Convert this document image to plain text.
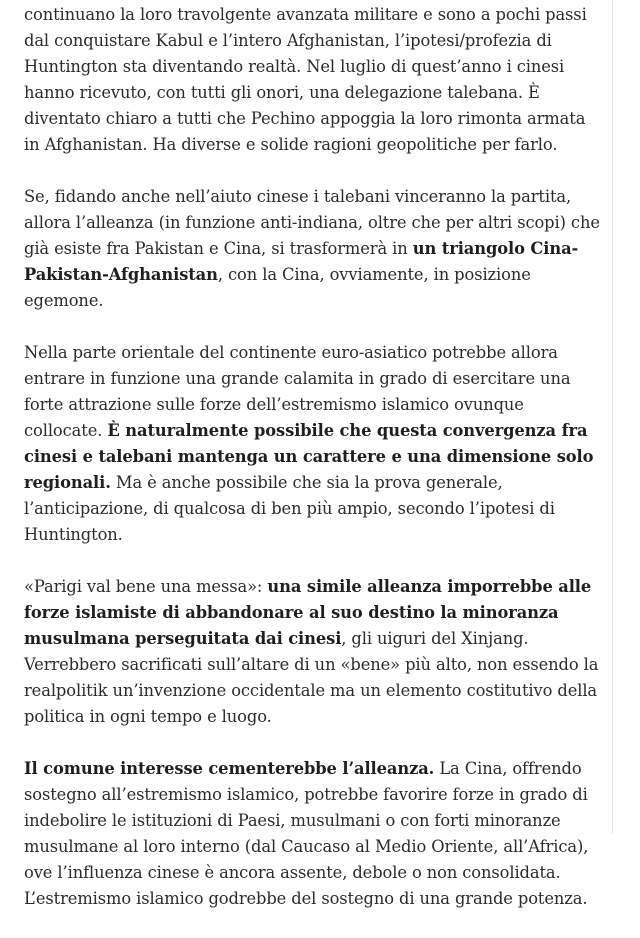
continuano la loro travolgente avanzata militare e sono a pochi passi dal conquistare Kabul e l’intero Afghanistan, l’ipotesi/profezia di Huntington sta diventando realtà. Nel luglio di quest’anno i cinesi hanno ricevuto, con tutti gli onori, una delegazione talebana. È diventato chiaro a tutti che Pechino appoggia la loro rimonta armata in Afghanistan. Ha diverse e solide ragioni geopolitiche per farlo.

Se, fidando anche nell’aiuto cinese i talebani vinceranno la partita, allora l’alleanza (in funzione anti-indiana, oltre che per altri scopi) che già esiste fra Pakistan e Cina, si trasformerà in un triangolo Cina-Pakistan-Afghanistan, con la Cina, ovviamente, in posizione egemone.

Nella parte orientale del continente euro-asiatico potrebbe allora entrare in funzione una grande calamita in grado di esercitare una forte attrazione sulle forze dell’estremismo islamico ovunque collocate. È naturalmente possibile che questa convergenza fra cinesi e talebani mantenga un carattere e una dimensione solo regionali. Ma è anche possibile che sia la prova generale, l’anticipazione, di qualcosa di ben più ampio, secondo l’ipotesi di Huntington.

«Parigi val bene una messa»: una simile alleanza imporrebbe alle forze islamiste di abbandonare al suo destino la minoranza musulmana perseguitata dai cinesi, gli uiguri del Xinjang. Verrebbero sacrificati sull’altare di un «bene» più alto, non essendo la realpolitik un’invenzione occidentale ma un elemento costitutivo della politica in ogni tempo e luogo.

Il comune interesse cementerebbe l’alleanza. La Cina, offrendo sostegno all’estremismo islamico, potrebbe favorire forze in grado di indebolire le istituzioni di Paesi, musulmani o con forti minoranze musulmane al loro interno (dal Caucaso al Medio Oriente, all’Africa), ove l’influenza cinese è ancora assente, debole o non consolidata. L’estremismo islamico godrebbe del sostegno di una grande potenza.
